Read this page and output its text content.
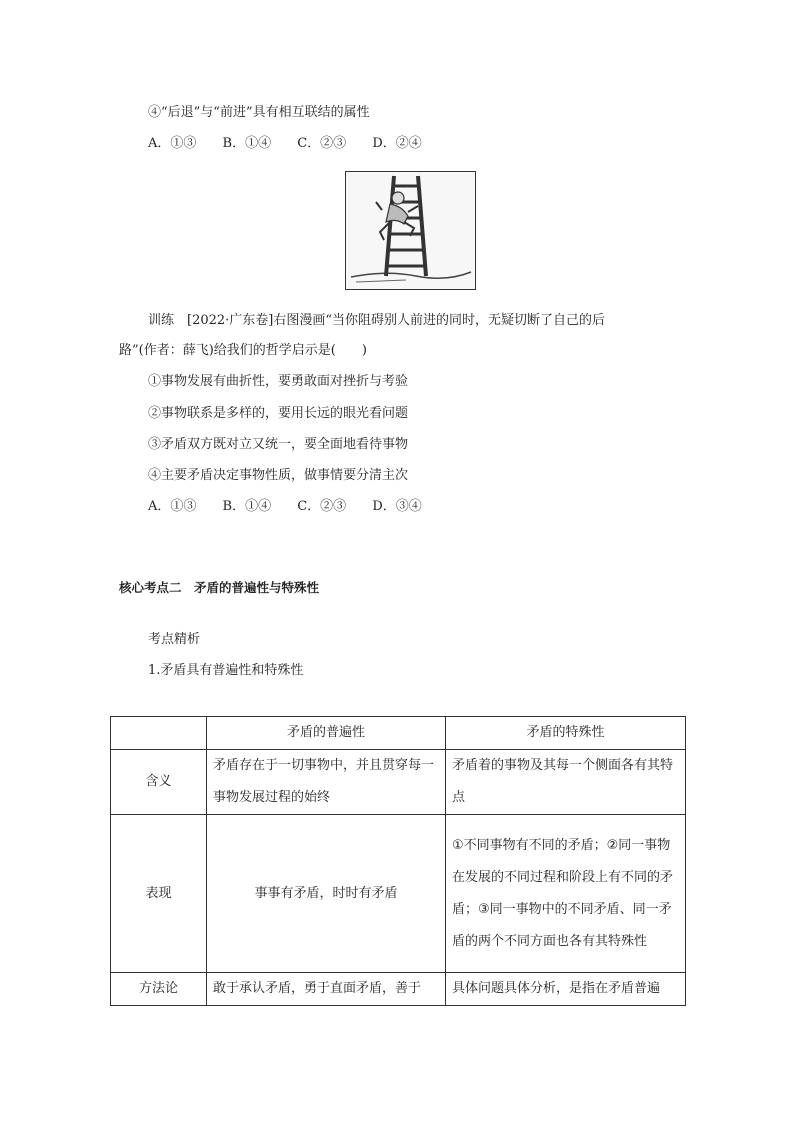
④“后退”与“前进”具有相互联结的属性
A．①③ B．①④ C．②③ D．②④
训练　[2022·广东卷]右图漫画“当你阻碍别人前进的同时，无疑切断了自己的后
路”(作者：薛飞)给我们的哲学启示是(　　)
①事物发展有曲折性，要勇敢面对挫折与考验
②事物联系是多样的，要用长远的眼光看问题
③矛盾双方既对立又统一，要全面地看待事物
④主要矛盾决定事物性质，做事情要分清主次
A．①③ B．①④ C．②③ D．③④
核心考点二　矛盾的普遍性与特殊性
考点精析
1.矛盾具有普遍性和特殊性
	矛盾的普遍性	矛盾的特殊性
含义	矛盾存在于一切事物中，并且贯穿每一事物发展过程的始终	矛盾着的事物及其每一个侧面各有其特点
表现	事事有矛盾，时时有矛盾	①不同事物有不同的矛盾；②同一事物在发展的不同过程和阶段上有不同的矛盾；③同一事物中的不同矛盾、同一矛盾的两个不同方面也各有其特殊性
方法论	敢于承认矛盾，勇于直面矛盾，善于	具体问题具体分析，是指在矛盾普遍
